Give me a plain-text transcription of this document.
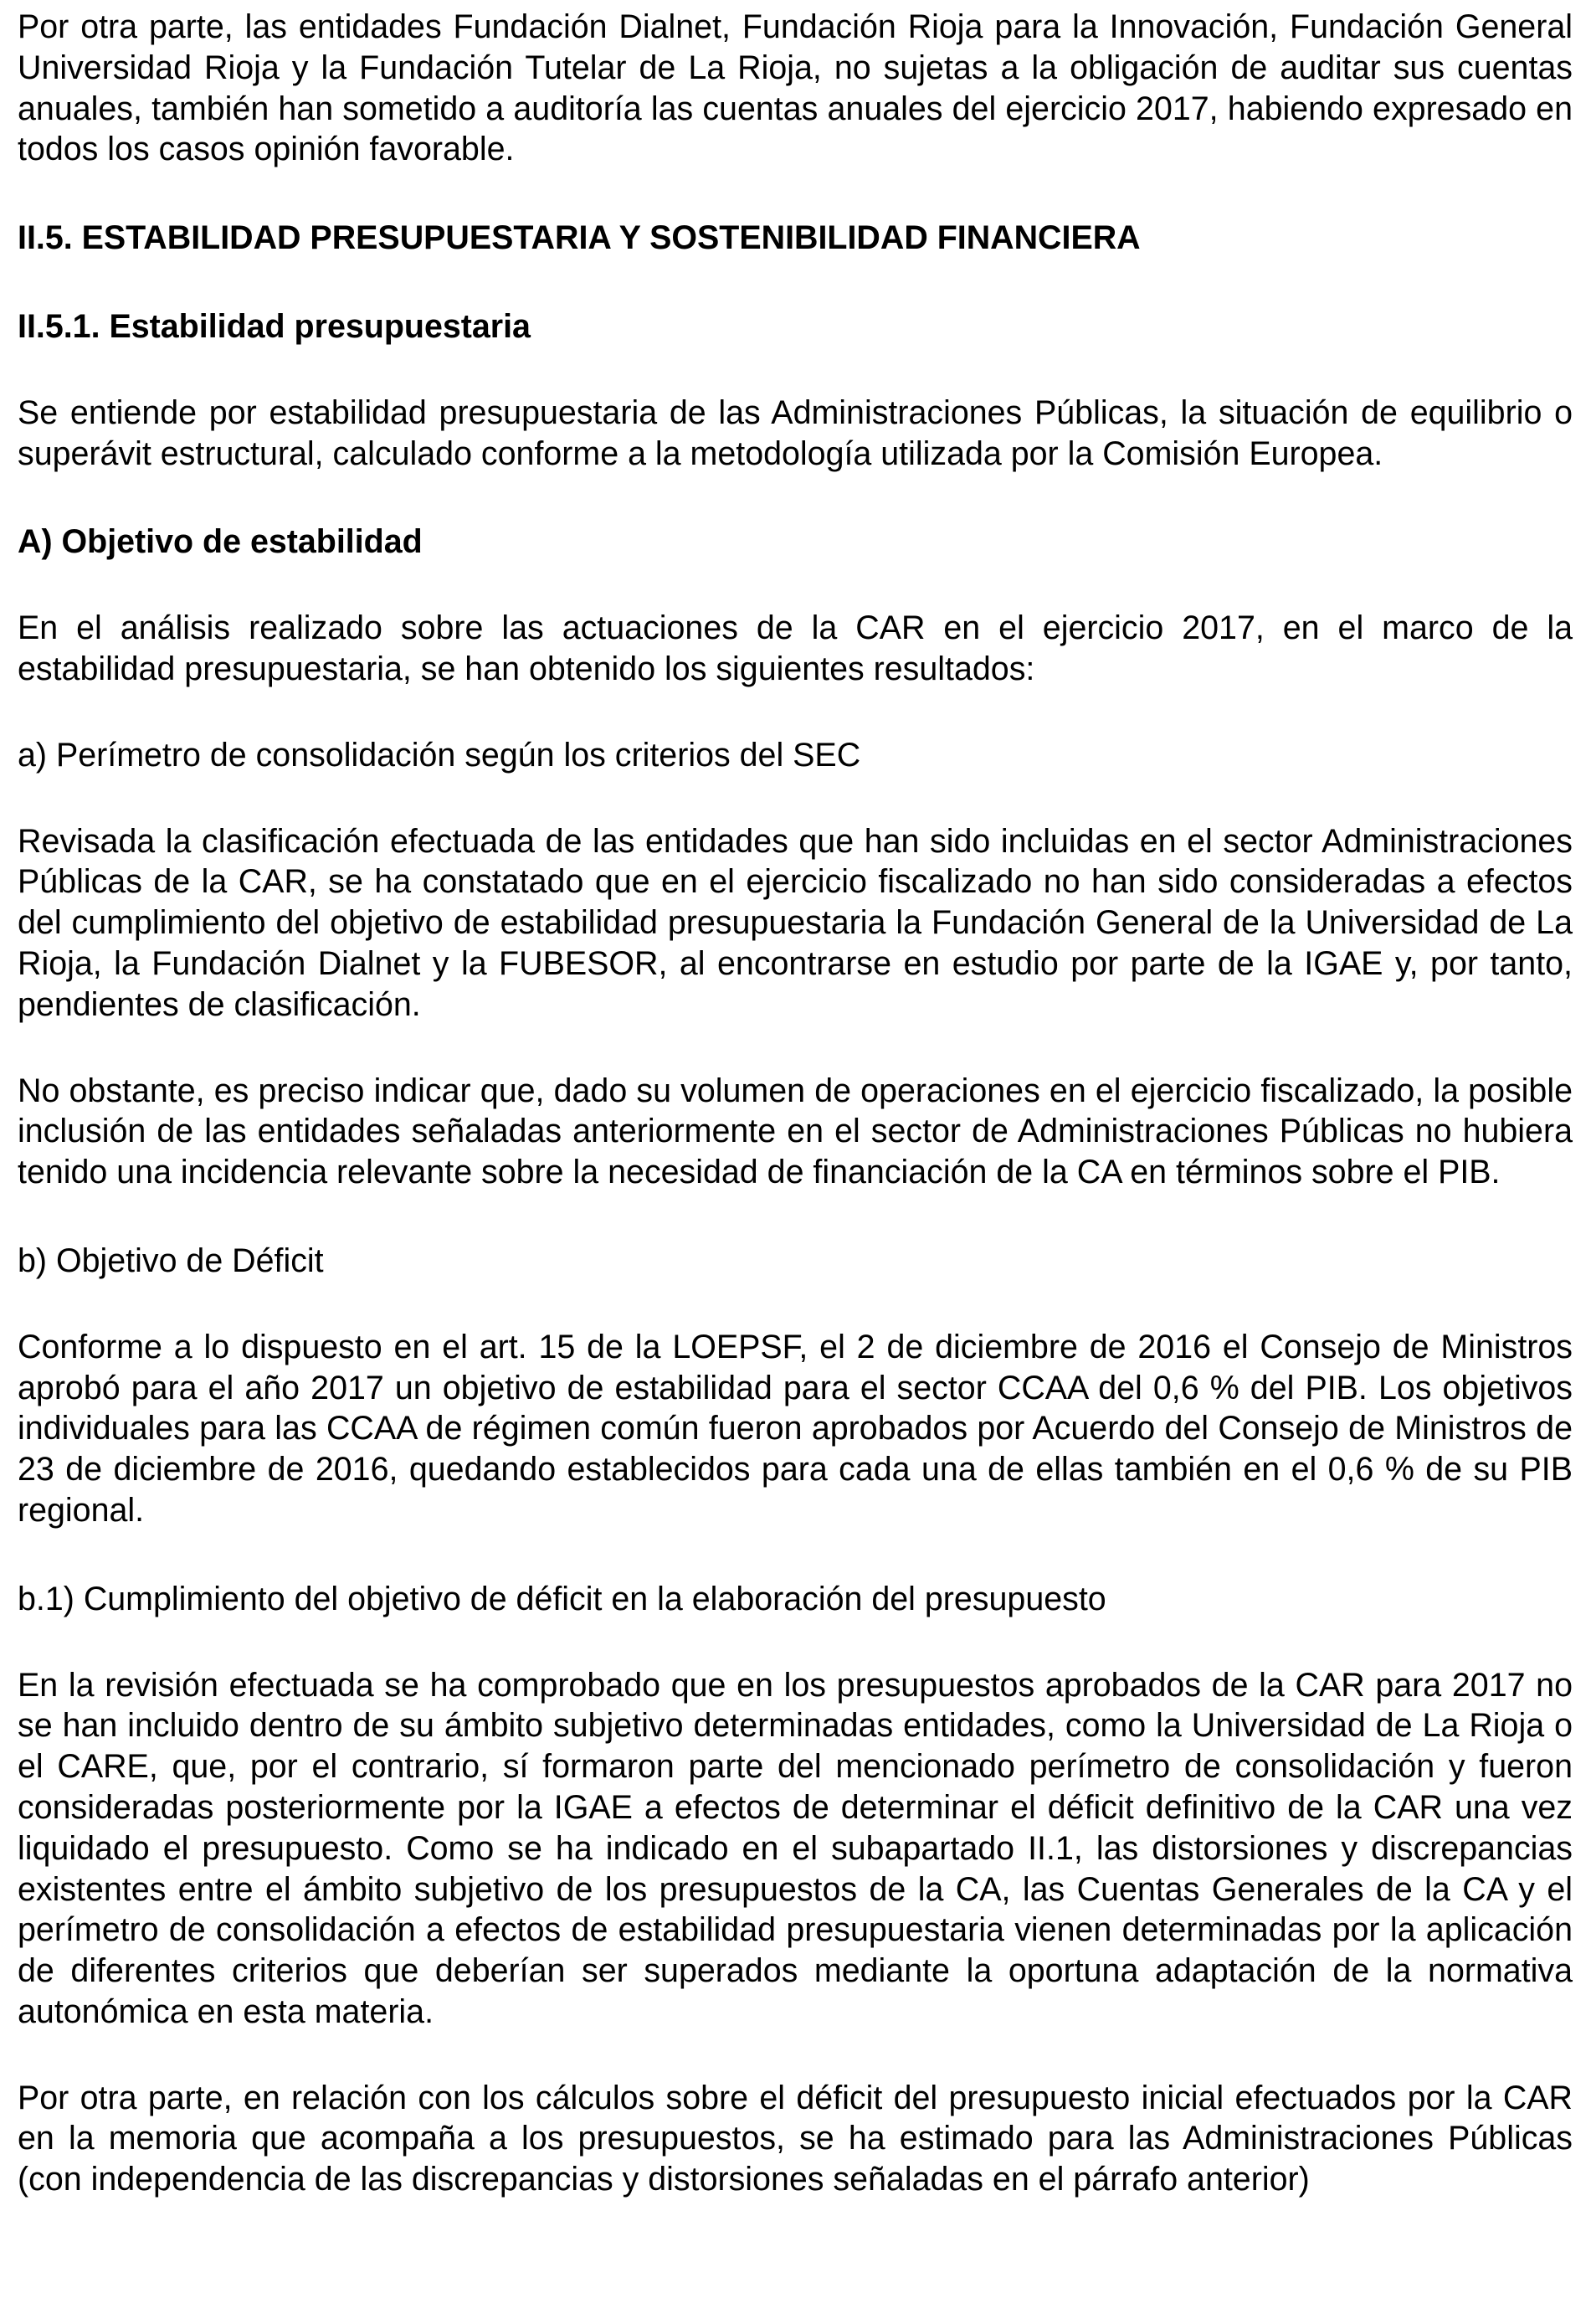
Por otra parte, las entidades Fundación Dialnet, Fundación Rioja para la Innovación, Fundación General Universidad Rioja y la Fundación Tutelar de La Rioja, no sujetas a la obligación de auditar sus cuentas anuales, también han sometido a auditoría las cuentas anuales del ejercicio 2017, habiendo expresado en todos los casos opinión favorable.

II.5. ESTABILIDAD PRESUPUESTARIA Y SOSTENIBILIDAD FINANCIERA
II.5.1. Estabilidad presupuestaria

Se entiende por estabilidad presupuestaria de las Administraciones Públicas, la situación de equilibrio o superávit estructural, calculado conforme a la metodología utilizada por la Comisión Europea.

A) Objetivo de estabilidad

En el análisis realizado sobre las actuaciones de la CAR en el ejercicio 2017, en el marco de la estabilidad presupuestaria, se han obtenido los siguientes resultados:

a) Perímetro de consolidación según los criterios del SEC

Revisada la clasificación efectuada de las entidades que han sido incluidas en el sector Administraciones Públicas de la CAR, se ha constatado que en el ejercicio fiscalizado no han sido consideradas a efectos del cumplimiento del objetivo de estabilidad presupuestaria la Fundación General de la Universidad de La Rioja, la Fundación Dialnet y la FUBESOR, al encontrarse en estudio por parte de la IGAE y, por tanto, pendientes de clasificación.

No obstante, es preciso indicar que, dado su volumen de operaciones en el ejercicio fiscalizado, la posible inclusión de las entidades señaladas anteriormente en el sector de Administraciones Públicas no hubiera tenido una incidencia relevante sobre la necesidad de financiación de la CA en términos sobre el PIB.

b) Objetivo de Déficit

Conforme a lo dispuesto en el art. 15 de la LOEPSF, el 2 de diciembre de 2016 el Consejo de Ministros aprobó para el año 2017 un objetivo de estabilidad para el sector CCAA del 0,6 % del PIB. Los objetivos individuales para las CCAA de régimen común fueron aprobados por Acuerdo del Consejo de Ministros de 23 de diciembre de 2016, quedando establecidos para cada una de ellas también en el 0,6 % de su PIB regional.

b.1) Cumplimiento del objetivo de déficit en la elaboración del presupuesto

En la revisión efectuada se ha comprobado que en los presupuestos aprobados de la CAR para 2017 no se han incluido dentro de su ámbito subjetivo determinadas entidades, como la Universidad de La Rioja o el CARE, que, por el contrario, sí formaron parte del mencionado perímetro de consolidación y fueron consideradas posteriormente por la IGAE a efectos de determinar el déficit definitivo de la CAR una vez liquidado el presupuesto. Como se ha indicado en el subapartado II.1, las distorsiones y discrepancias existentes entre el ámbito subjetivo de los presupuestos de la CA, las Cuentas Generales de la CA y el perímetro de consolidación a efectos de estabilidad presupuestaria vienen determinadas por la aplicación de diferentes criterios que deberían ser superados mediante la oportuna adaptación de la normativa autonómica en esta materia.

Por otra parte, en relación con los cálculos sobre el déficit del presupuesto inicial efectuados por la CAR en la memoria que acompaña a los presupuestos, se ha estimado para las Administraciones Públicas (con independencia de las discrepancias y distorsiones señaladas en el párrafo anterior)
